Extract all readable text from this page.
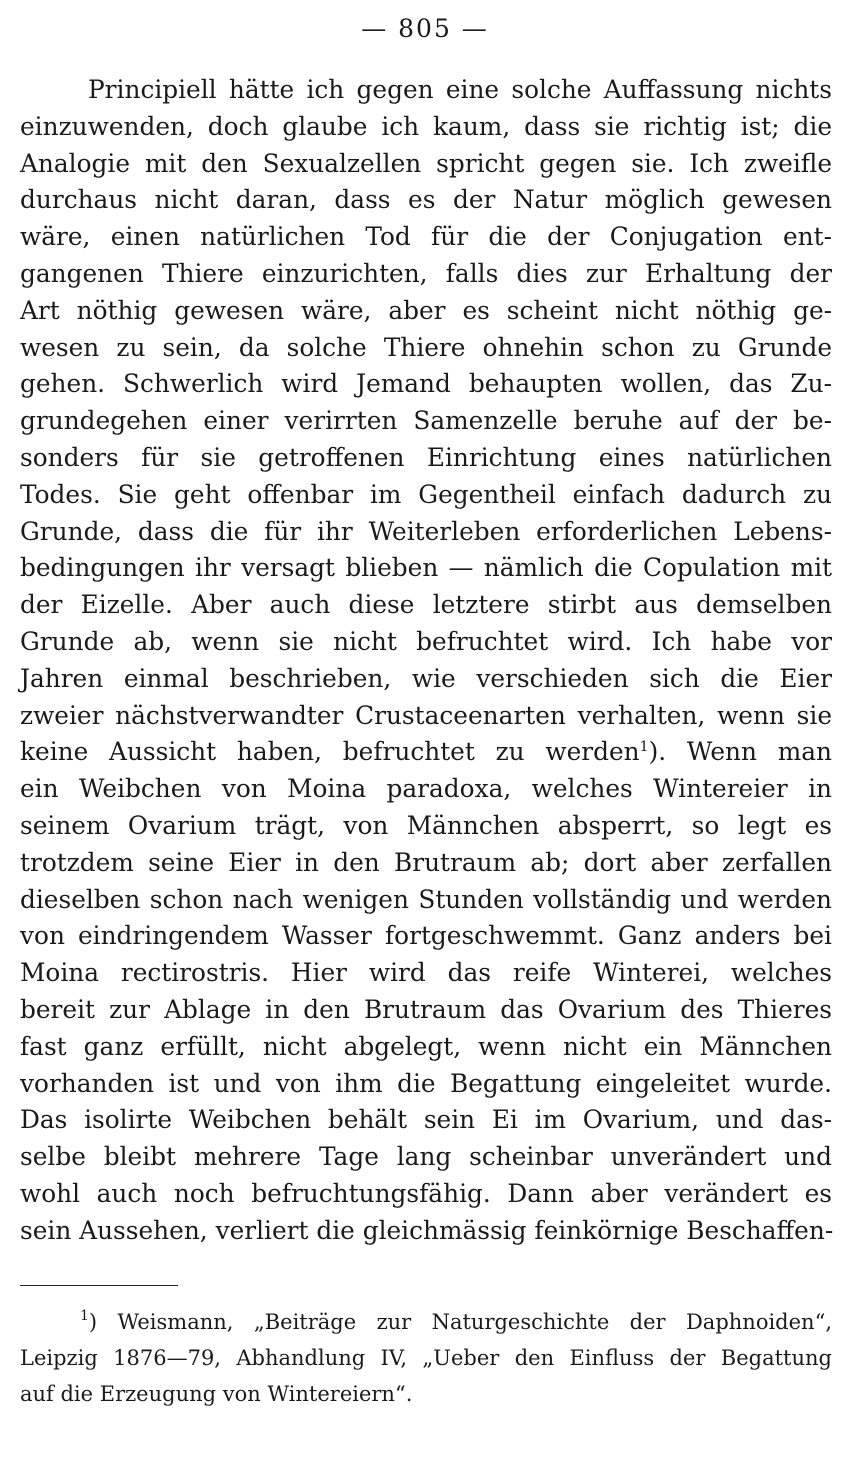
— 805 —
Principiell hätte ich gegen eine solche Auffassung nichts
einzuwenden, doch glaube ich kaum, dass sie richtig ist; die
Analogie mit den Sexualzellen spricht gegen sie. Ich zweifle
durchaus nicht daran, dass es der Natur möglich gewesen
wäre, einen natürlichen Tod für die der Conjugation ent-
gangenen Thiere einzurichten, falls dies zur Erhaltung der
Art nöthig gewesen wäre, aber es scheint nicht nöthig ge-
wesen zu sein, da solche Thiere ohnehin schon zu Grunde
gehen. Schwerlich wird Jemand behaupten wollen, das Zu-
grundegehen einer verirrten Samenzelle beruhe auf der be-
sonders für sie getroffenen Einrichtung eines natürlichen
Todes. Sie geht offenbar im Gegentheil einfach dadurch zu
Grunde, dass die für ihr Weiterleben erforderlichen Lebens-
bedingungen ihr versagt blieben — nämlich die Copulation mit
der Eizelle. Aber auch diese letztere stirbt aus demselben
Grunde ab, wenn sie nicht befruchtet wird. Ich habe vor
Jahren einmal beschrieben, wie verschieden sich die Eier
zweier nächstverwandter Crustaceenarten verhalten, wenn sie
keine Aussicht haben, befruchtet zu werden$^1$). Wenn man
ein Weibchen von Moina paradoxa, welches Wintereier in
seinem Ovarium trägt, von Männchen absperrt, so legt es
trotzdem seine Eier in den Brutraum ab; dort aber zerfallen
dieselben schon nach wenigen Stunden vollständig und werden
von eindringendem Wasser fortgeschwemmt. Ganz anders bei
Moina rectirostris. Hier wird das reife Winterei, welches
bereit zur Ablage in den Brutraum das Ovarium des Thieres
fast ganz erfüllt, nicht abgelegt, wenn nicht ein Männchen
vorhanden ist und von ihm die Begattung eingeleitet wurde.
Das isolirte Weibchen behält sein Ei im Ovarium, und das-
selbe bleibt mehrere Tage lang scheinbar unverändert und
wohl auch noch befruchtungsfähig. Dann aber verändert es
sein Aussehen, verliert die gleichmässig feinkörnige Beschaffen-
$^1$) Weismann, „Beiträge zur Naturgeschichte der Daphnoiden“,
Leipzig 1876—79, Abhandlung IV, „Ueber den Einfluss der Begattung
auf die Erzeugung von Wintereiern“.
